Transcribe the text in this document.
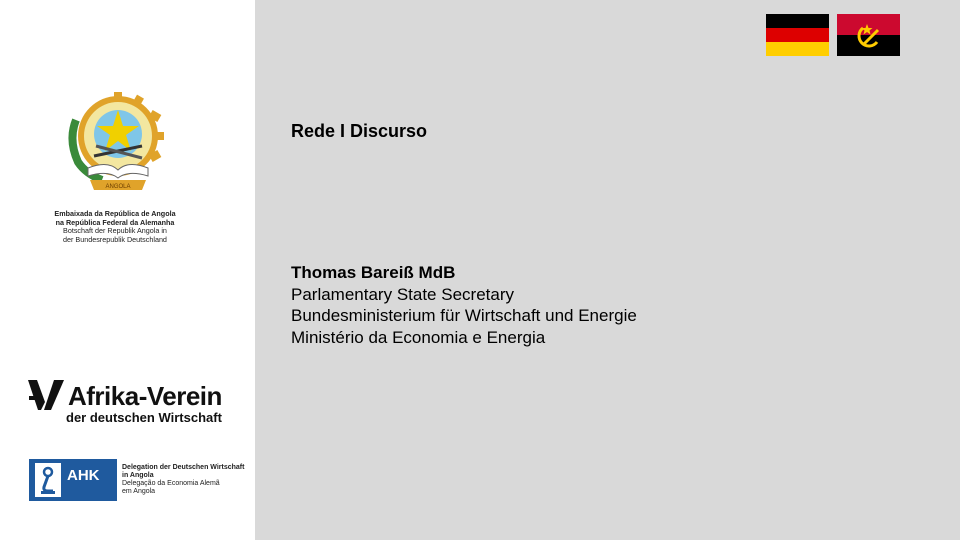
ANGOLA
Embaixada da República de Angola
na República Federal da Alemanha
Botschaft der Republik Angola in
der Bundesrepublik Deutschland
Afrika-Verein
der deutschen Wirtschaft
AHK	Delegation der Deutschen Wirtschaft
in Angola
Delegação da Economia Alemã
em Angola
Rede I Discurso
Thomas Bareiß MdB
Parlamentary State Secretary
Bundesministerium für Wirtschaft und Energie
Ministério da Economia e Energia
